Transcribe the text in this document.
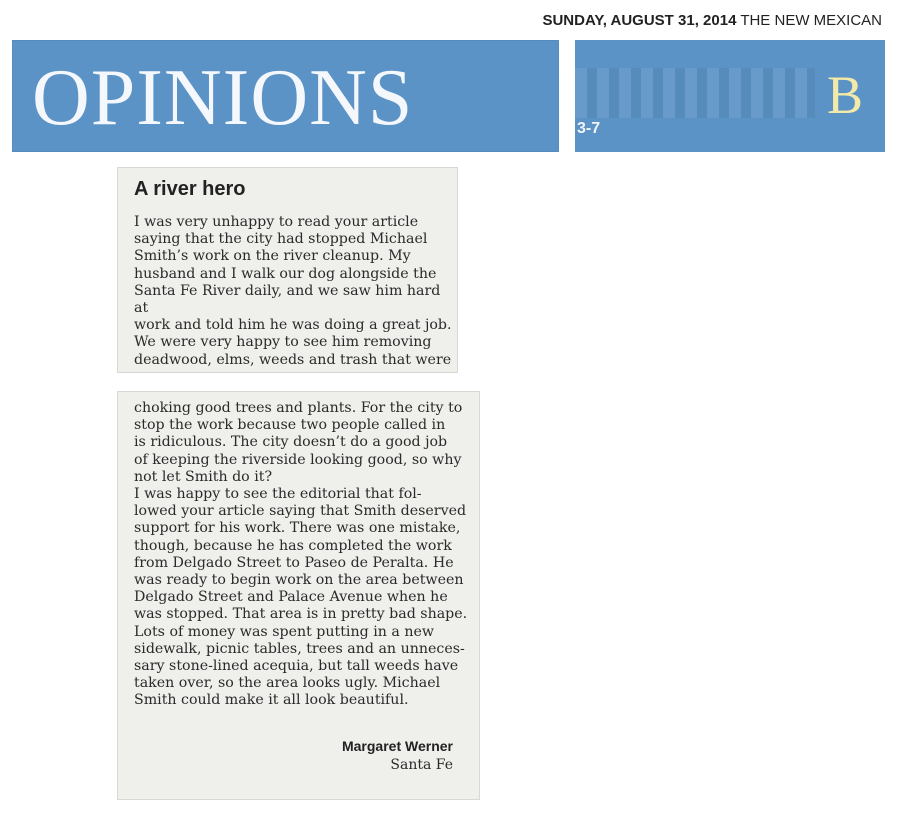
OPINIONS	3-7
B
SUNDAY, AUGUST 31, 2014 THE NEW MEXICAN
A river hero
I was very unhappy to read your article
saying that the city had stopped Michael
Smith’s work on the river cleanup. My
husband and I walk our dog alongside the
Santa Fe River daily, and we saw him hard at
work and told him he was doing a great job.
We were very happy to see him removing
deadwood, elms, weeds and trash that were
choking good trees and plants. For the city to
stop the work because two people called in
is ridiculous. The city doesn’t do a good job
of keeping the riverside looking good, so why
not let Smith do it?
I was happy to see the editorial that fol-
lowed your article saying that Smith deserved
support for his work. There was one mistake,
though, because he has completed the work
from Delgado Street to Paseo de Peralta. He
was ready to begin work on the area between
Delgado Street and Palace Avenue when he
was stopped. That area is in pretty bad shape.
Lots of money was spent putting in a new
sidewalk, picnic tables, trees and an unneces-
sary stone-lined acequia, but tall weeds have
taken over, so the area looks ugly. Michael
Smith could make it all look beautiful.
Margaret Werner
Santa Fe
